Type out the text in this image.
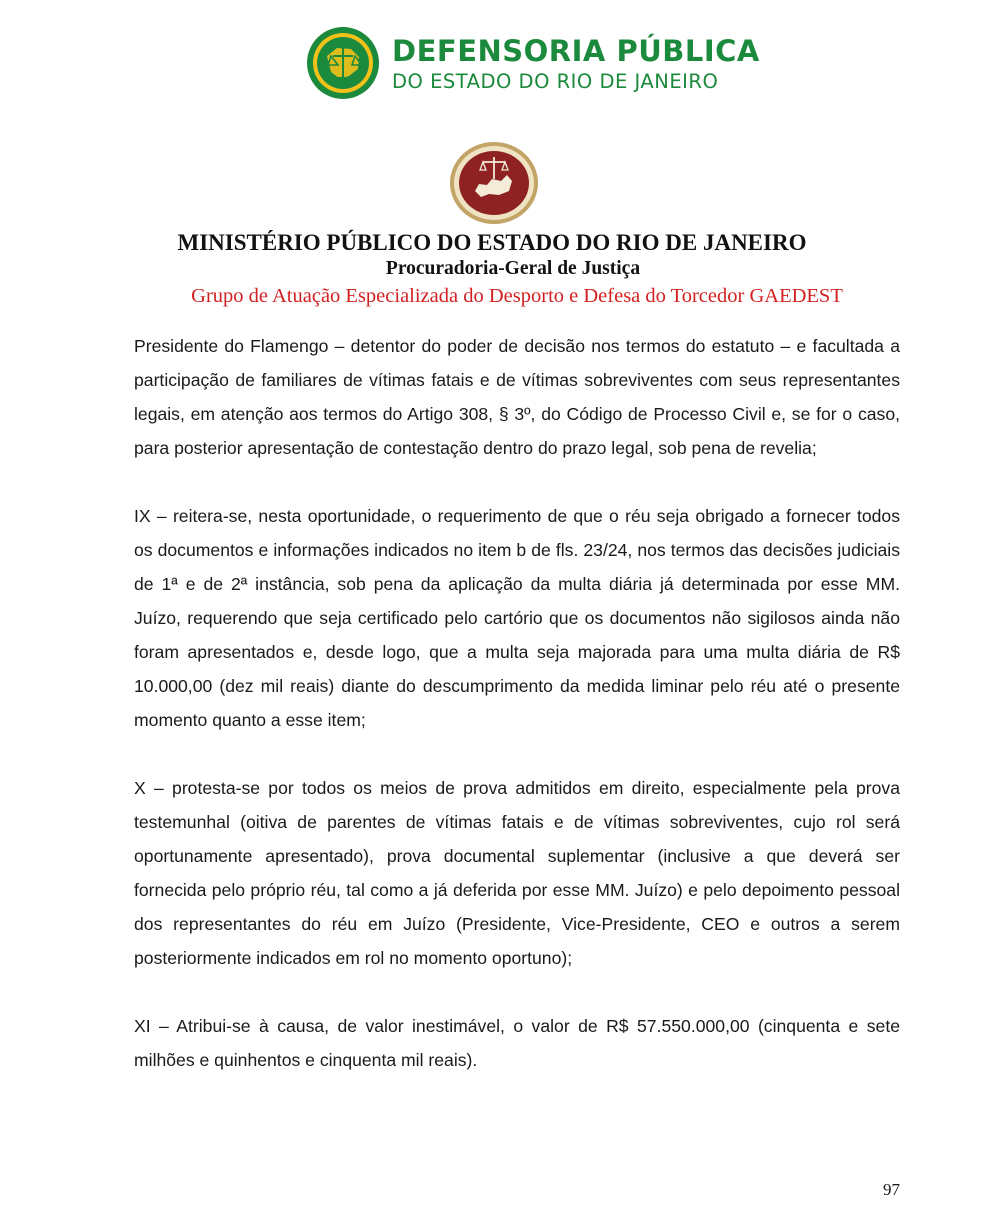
DEFENSORIA PÚBLICA
DO ESTADO DO RIO DE JANEIRO
MINISTÉRIO PÚBLICO DO ESTADO DO RIO DE JANEIRO
Procuradoria-Geral de Justiça
Grupo de Atuação Especializada do Desporto e Defesa do Torcedor GAEDEST

Presidente do Flamengo – detentor do poder de decisão nos termos do estatuto – e facultada a participação de familiares de vítimas fatais e de vítimas sobreviventes com seus representantes legais, em atenção aos termos do Artigo 308, § 3º, do Código de Processo Civil e, se for o caso, para posterior apresentação de contestação dentro do prazo legal, sob pena de revelia;

IX – reitera-se, nesta oportunidade, o requerimento de que o réu seja obrigado a fornecer todos os documentos e informações indicados no item b de fls. 23/24, nos termos das decisões judiciais de 1ª e de 2ª instância, sob pena da aplicação da multa diária já determinada por esse MM. Juízo, requerendo que seja certificado pelo cartório que os documentos não sigilosos ainda não foram apresentados e, desde logo, que a multa seja majorada para uma multa diária de R$ 10.000,00 (dez mil reais) diante do descumprimento da medida liminar pelo réu até o presente momento quanto a esse item;

X – protesta-se por todos os meios de prova admitidos em direito, especialmente pela prova testemunhal (oitiva de parentes de vítimas fatais e de vítimas sobreviventes, cujo rol será oportunamente apresentado), prova documental suplementar (inclusive a que deverá ser fornecida pelo próprio réu, tal como a já deferida por esse MM. Juízo) e pelo depoimento pessoal dos representantes do réu em Juízo (Presidente, Vice-Presidente, CEO e outros a serem posteriormente indicados em rol no momento oportuno);

XI – Atribui-se à causa, de valor inestimável, o valor de R$ 57.550.000,00 (cinquenta e sete milhões e quinhentos e cinquenta mil reais).

97
